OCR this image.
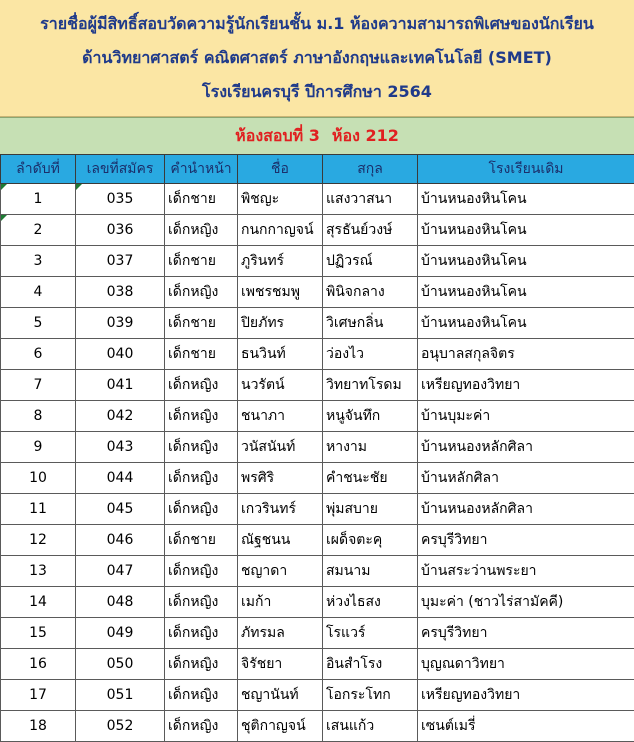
รายชื่อผู้มีสิทธิ์สอบวัดความรู้นักเรียนชั้น ม.1 ห้องความสามารถพิเศษของนักเรียน
ด้านวิทยาศาสตร์ คณิตศาสตร์ ภาษาอังกฤษและเทคโนโลยี (SMET)
โรงเรียนครบุรี ปีการศึกษา 2564
ห้องสอบที่ 3 ห้อง 212
ลำดับที่	เลขที่สมัคร	คำนำหน้า	ชื่อ	สกุล	โรงเรียนเดิม
1	035	เด็กชาย	พิชญะ	แสงวาสนา	บ้านหนองหินโคน
2	036	เด็กหญิง	กนกกาญจน์	สุรธันย์วงษ์	บ้านหนองหินโคน
3	037	เด็กชาย	ภูรินทร์	ปฏิวรณ์	บ้านหนองหินโคน
4	038	เด็กหญิง	เพชรชมพู	พินิจกลาง	บ้านหนองหินโคน
5	039	เด็กชาย	ปิยภัทร	วิเศษกลิ่น	บ้านหนองหินโคน
6	040	เด็กชาย	ธนวินท์	ว่องไว	อนุบาลสกุลจิตร
7	041	เด็กหญิง	นวรัตน์	วิทยาทโรดม	เหรียญทองวิทยา
8	042	เด็กหญิง	ชนาภา	หนูจันทึก	บ้านบุมะค่า
9	043	เด็กหญิง	วนัสนันท์	หางาม	บ้านหนองหลักศิลา
10	044	เด็กหญิง	พรศิริ	คำชนะชัย	บ้านหลักศิลา
11	045	เด็กหญิง	เกวรินทร์	พุ่มสบาย	บ้านหนองหลักศิลา
12	046	เด็กชาย	ณัฐชนน	เผด็จตะคุ	ครบุรีวิทยา
13	047	เด็กหญิง	ชญาดา	สมนาม	บ้านสระว่านพระยา
14	048	เด็กหญิง	เมก้า	ห่วงไธสง	บุมะค่า (ชาวไร่สามัคคี)
15	049	เด็กหญิง	ภัทรมล	โรแวร์	ครบุรีวิทยา
16	050	เด็กหญิง	จิรัชยา	อินสำโรง	บุญณดาวิทยา
17	051	เด็กหญิง	ชญานันท์	โอกระโทก	เหรียญทองวิทยา
18	052	เด็กหญิง	ชุติกาญจน์	เสนแก้ว	เซนต์เมรี่
